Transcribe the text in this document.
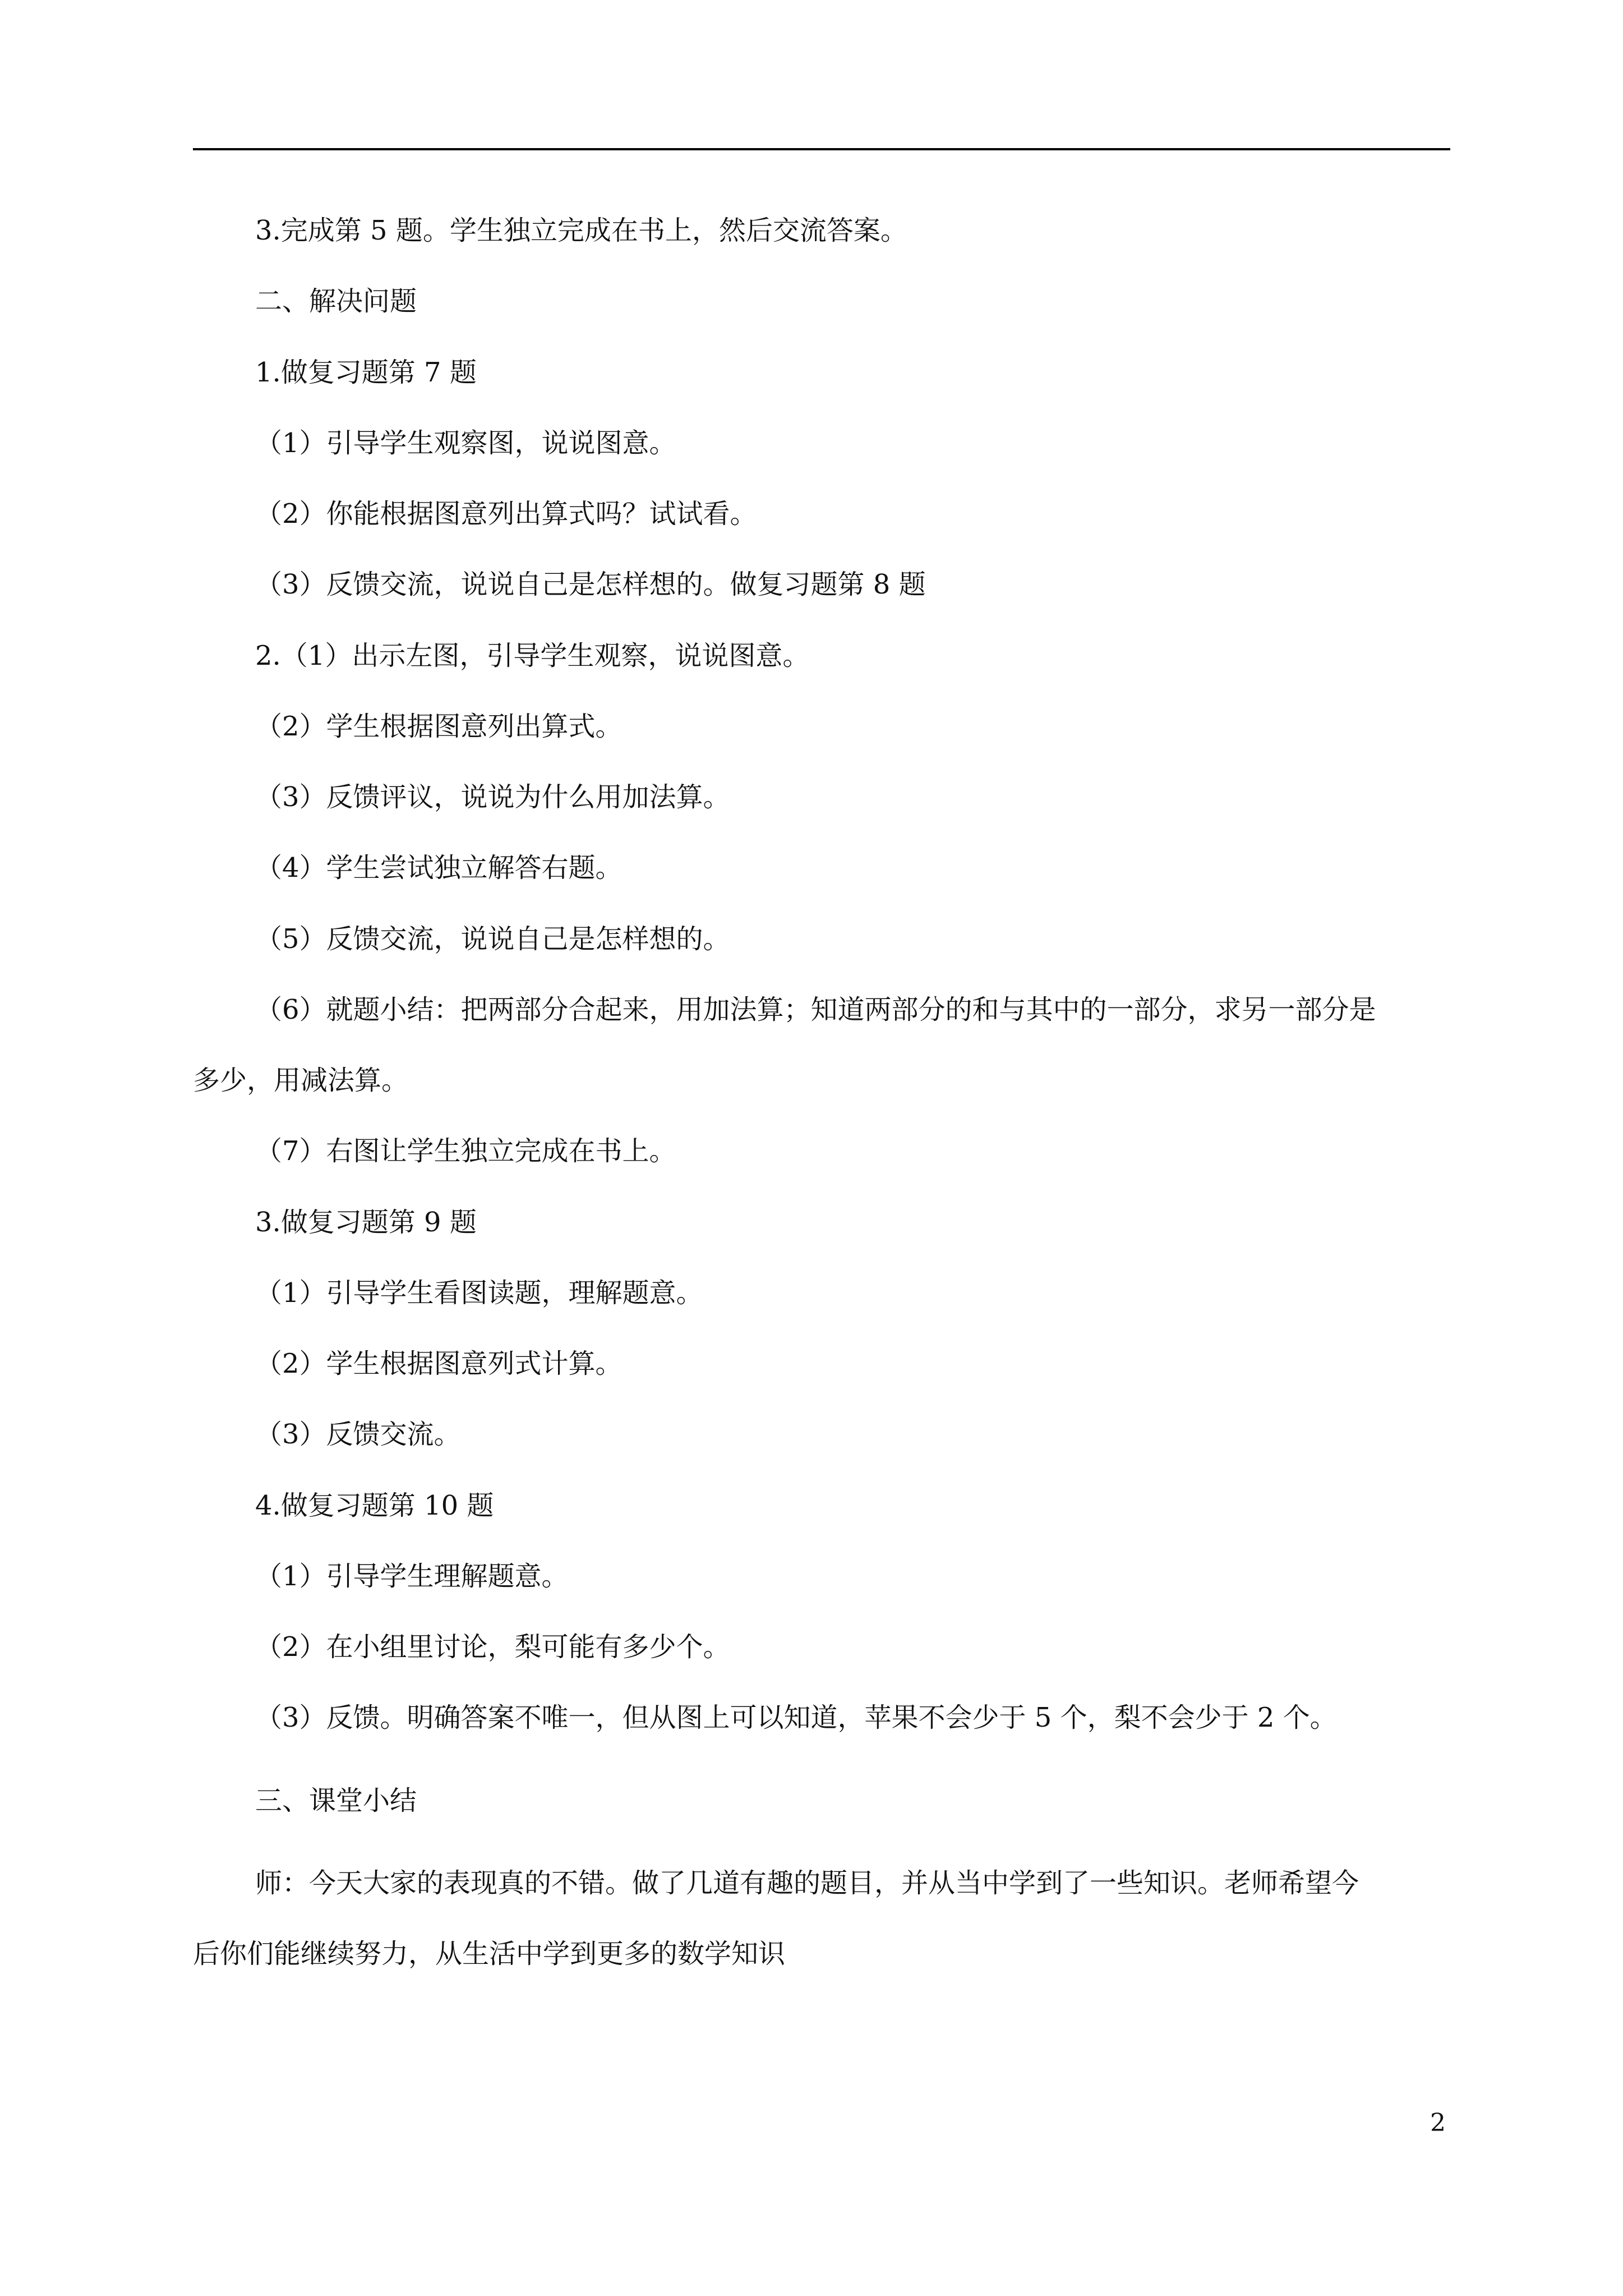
3.完成第 5 题。学生独立完成在书上，然后交流答案。
二、解决问题
1.做复习题第 7 题
（1）引导学生观察图，说说图意。
（2）你能根据图意列出算式吗？试试看。
（3）反馈交流，说说自己是怎样想的。做复习题第 8 题
2.（1）出示左图，引导学生观察，说说图意。
（2）学生根据图意列出算式。
（3）反馈评议，说说为什么用加法算。
（4）学生尝试独立解答右题。
（5）反馈交流，说说自己是怎样想的。
（6）就题小结：把两部分合起来，用加法算；知道两部分的和与其中的一部分，求另一部分是
多少，用减法算。
（7）右图让学生独立完成在书上。
3.做复习题第 9 题
（1）引导学生看图读题，理解题意。
（2）学生根据图意列式计算。
（3）反馈交流。
4.做复习题第 10 题
（1）引导学生理解题意。
（2）在小组里讨论，梨可能有多少个。
（3）反馈。明确答案不唯一，但从图上可以知道，苹果不会少于 5 个，梨不会少于 2 个。
三、课堂小结
师：今天大家的表现真的不错。做了几道有趣的题目，并从当中学到了一些知识。老师希望今
后你们能继续努力，从生活中学到更多的数学知识
2
